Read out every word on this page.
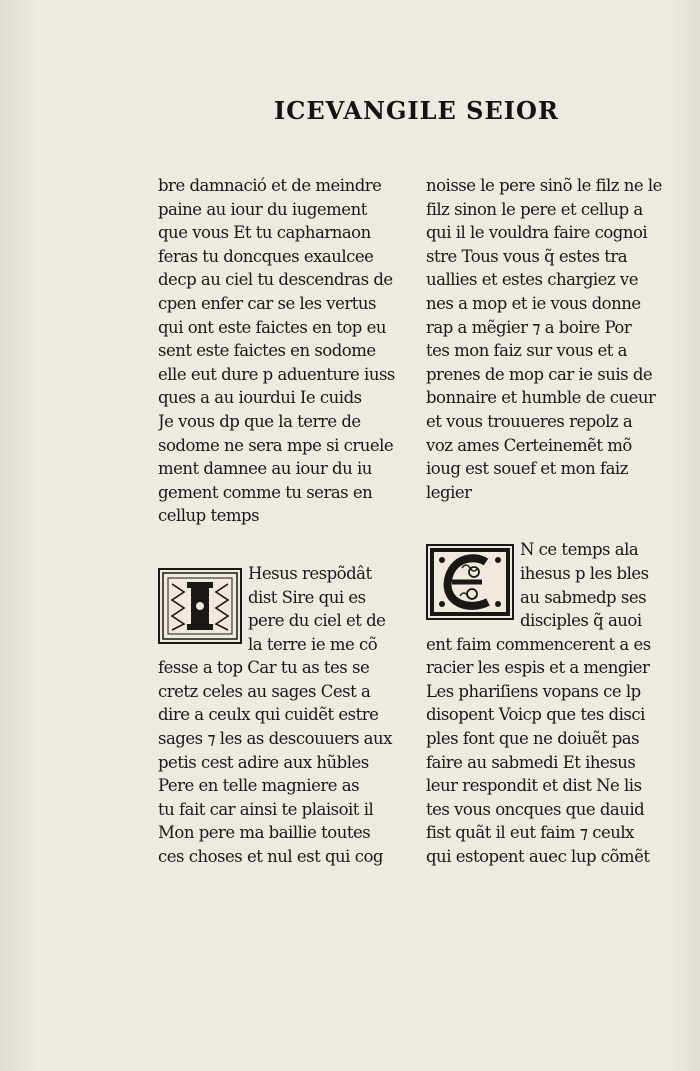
ICEVANGILE SEIOR
bre damnació et de meindre
paine au iour du iugement
que vous Et tu capharnaon
feras tu doncques exaulcee
decp au ciel tu descendras de
cpen enfer car se les vertus
qui ont este faictes en top eu
sent este faictes en sodome
elle eut dure p aduenture iuss
ques a au iourdui Ie cuids
Je vous dp que la terre de
sodome ne sera mpe si cruele
ment damnee au iour du iu
gement comme tu seras en
cellup temps
Hesus respõdât
dist Sire qui es
pere du ciel et de
la terre ie me cõ
fesse a top Car tu as tes se
cretz celes au sages Cest a
dire a ceulx qui cuidẽt estre
sages ⁊ les as descouuers aux
petis cest adire aux hũbles
Pere en telle magniere as
tu fait car ainsi te plaisoit il
Mon pere ma baillie toutes
ces choses et nul est qui cog
noisse le pere sinõ le filz ne le
filz sinon le pere et cellup a
qui il le vouldra faire cognoi
stre Tous vous q̃ estes tra
uallies et estes chargiez ve
nes a mop et ie vous donne
rap a mẽgier ⁊ a boire Por
tes mon faiz sur vous et a
prenes de mop car ie suis de
bonnaire et humble de cueur
et vous trouueres repolz a
voz ames Certeinemẽt mõ
ioug est souef et mon faiz
legier
N ce temps ala
ihesus p les bles
au sabmedp ses
disciples q̃ auoi
ent faim commencerent a es
racier les espis et a mengier
Les phariſiens vopans ce lp
disopent Voicp que tes disci
ples font que ne doiuẽt pas
faire au sabmedi Et ihesus
leur respondit et dist Ne lis
tes vous oncques que dauid
fist quãt il eut faim ⁊ ceulx
qui estopent auec lup cõmẽt
